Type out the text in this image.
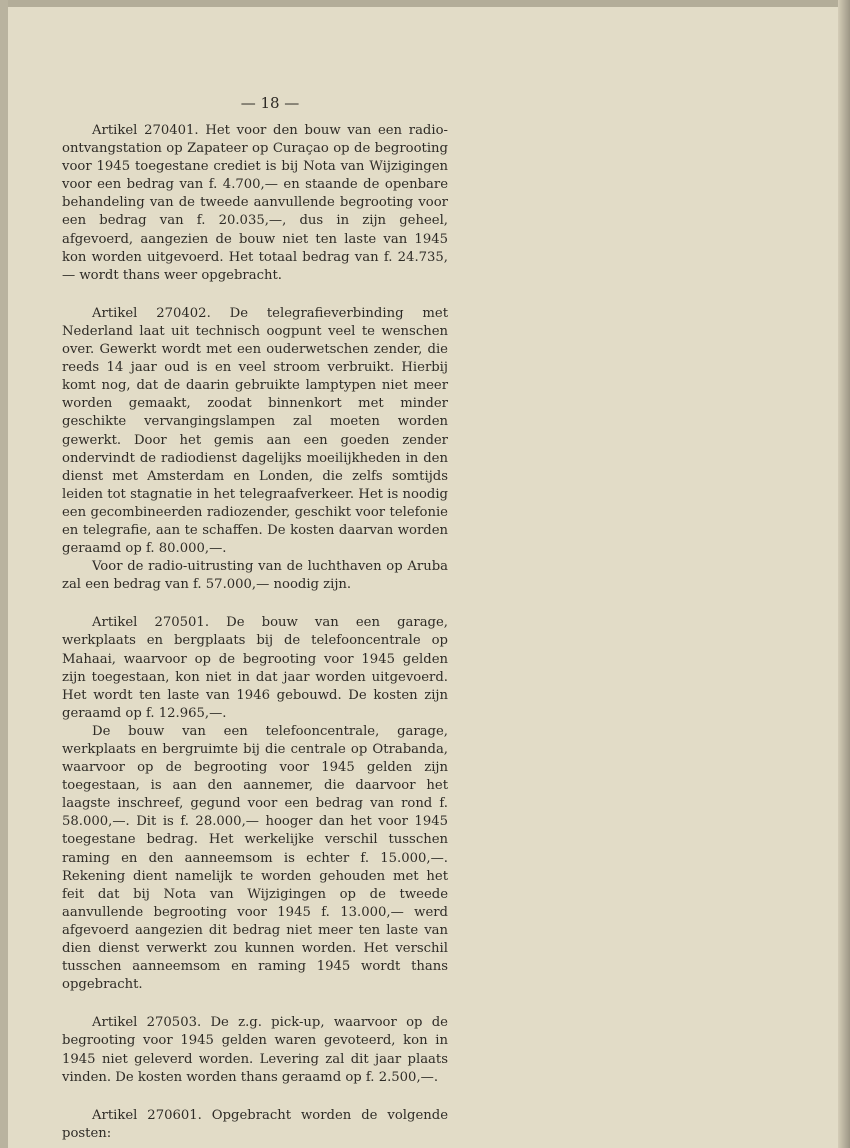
— 18 —

Artikel 270401. Het voor den bouw van een radio-ontvangstation op Zapateer op Curaçao op de begrooting voor 1945 toegestane crediet is bij Nota van Wijzigingen voor een bedrag van f. 4.700,— en staande de openbare behandeling van de tweede aanvullende begrooting voor een bedrag van f. 20.035,—, dus in zijn geheel, afgevoerd, aangezien de bouw niet ten laste van 1945 kon worden uitgevoerd. Het totaal bedrag van f. 24.735,— wordt thans weer opgebracht.

Artikel 270402. De telegrafieverbinding met Nederland laat uit technisch oogpunt veel te wenschen over. Gewerkt wordt met een ouderwetschen zender, die reeds 14 jaar oud is en veel stroom verbruikt. Hierbij komt nog, dat de daarin gebruikte lamptypen niet meer worden gemaakt, zoodat binnenkort met minder geschikte vervangingslampen zal moeten worden gewerkt. Door het gemis aan een goeden zender ondervindt de radiodienst dagelijks moeilijkheden in den dienst met Amsterdam en Londen, die zelfs somtijds leiden tot stagnatie in het telegraafverkeer. Het is noodig een gecombineerden radiozender, geschikt voor telefonie en telegrafie, aan te schaffen. De kosten daarvan worden geraamd op f. 80.000,—.

Voor de radio-uitrusting van de luchthaven op Aruba zal een bedrag van f. 57.000,— noodig zijn.

Artikel 270501. De bouw van een garage, werkplaats en bergplaats bij de telefooncentrale op Mahaai, waarvoor op de begrooting voor 1945 gelden zijn toegestaan, kon niet in dat jaar worden uitgevoerd. Het wordt ten laste van 1946 gebouwd. De kosten zijn geraamd op f. 12.965,—.

De bouw van een telefooncentrale, garage, werkplaats en bergruimte bij die centrale op Otrabanda, waarvoor op de begrooting voor 1945 gelden zijn toegestaan, is aan den aannemer, die daarvoor het laagste inschreef, gegund voor een bedrag van rond f. 58.000,—. Dit is f. 28.000,— hooger dan het voor 1945 toegestane bedrag. Het werkelijke verschil tusschen raming en den aanneemsom is echter f. 15.000,—. Rekening dient namelijk te worden gehouden met het feit dat bij Nota van Wijzigingen op de tweede aanvullende begrooting voor 1945 f. 13.000,— werd afgevoerd aangezien dit bedrag niet meer ten laste van dien dienst verwerkt zou kunnen worden. Het verschil tusschen aanneemsom en raming 1945 wordt thans opgebracht.

Artikel 270503. De z.g. pick-up, waarvoor op de begrooting voor 1945 gelden waren gevoteerd, kon in 1945 niet geleverd worden. Levering zal dit jaar plaats vinden. De kosten worden thans geraamd op f. 2.500,—.

Artikel 270601. Opgebracht worden de volgende posten:
